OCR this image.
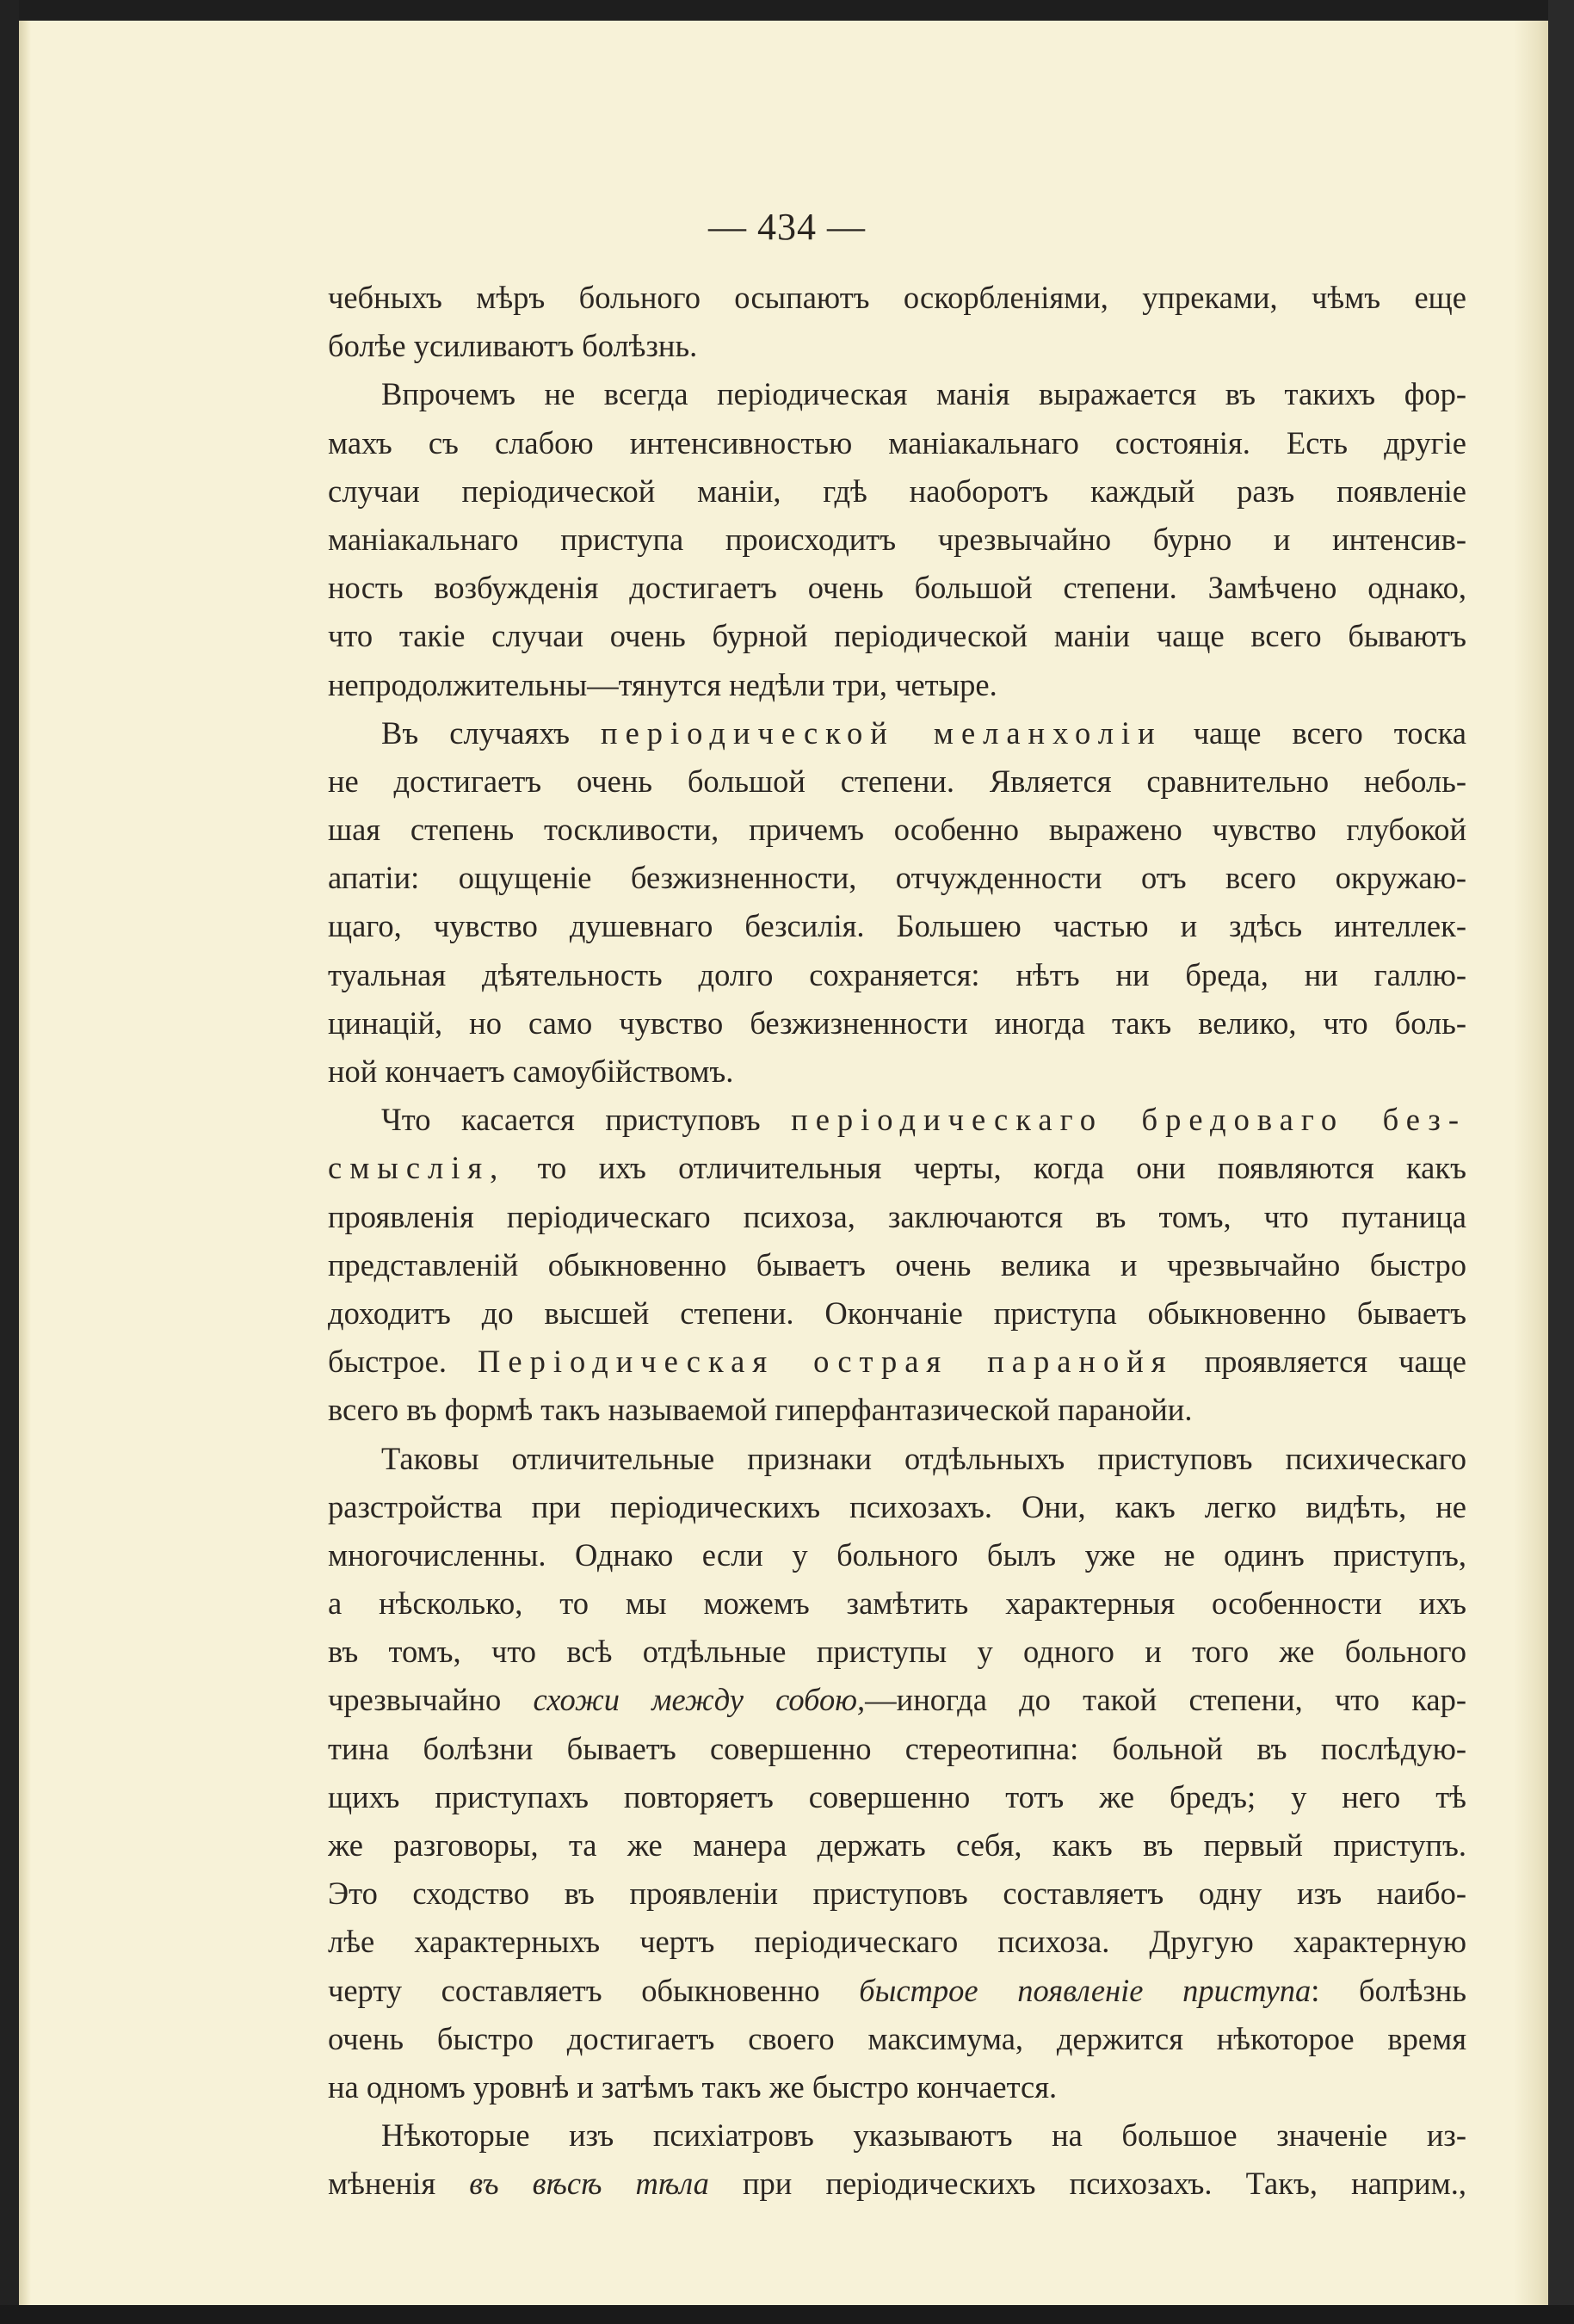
— 434 —
чебныхъ мѣръ больного осыпаютъ оскорбленіями, упреками, чѣмъ еще
болѣе усиливаютъ болѣзнь.
Впрочемъ не всегда періодическая манія выражается въ такихъ фор-
махъ съ слабою интенсивностью маніакальнаго состоянія. Есть другіе
случаи періодической маніи, гдѣ наоборотъ каждый разъ появленіе
маніакальнаго приступа происходитъ чрезвычайно бурно и интенсив-
ность возбужденія достигаетъ очень большой степени. Замѣчено однако,
что такіе случаи очень бурной періодической маніи чаще всего бываютъ
непродолжительны—тянутся недѣли три, четыре.
Въ случаяхъ періодической меланхоліи чаще всего тоска
не достигаетъ очень большой степени. Является сравнительно неболь-
шая степень тоскливости, причемъ особенно выражено чувство глубокой
апатіи: ощущеніе безжизненности, отчужденности отъ всего окружаю-
щаго, чувство душевнаго безсилія. Большею частью и здѣсь интеллек-
туальная дѣятельность долго сохраняется: нѣтъ ни бреда, ни галлю-
цинацій, но само чувство безжизненности иногда такъ велико, что боль-
ной кончаетъ самоубійствомъ.
Что касается приступовъ періодическаго бредоваго без-
смыслія, то ихъ отличительныя черты, когда они появляются какъ
проявленія періодическаго психоза, заключаются въ томъ, что путаница
представленій обыкновенно бываетъ очень велика и чрезвычайно быстро
доходитъ до высшей степени. Окончаніе приступа обыкновенно бываетъ
быстрое. Періодическая острая паранойя проявляется чаще
всего въ формѣ такъ называемой гиперфантазической паранойи.
Таковы отличительные признаки отдѣльныхъ приступовъ психическаго
разстройства при періодическихъ психозахъ. Они, какъ легко видѣть, не
многочисленны. Однако если у больного былъ уже не одинъ приступъ,
а нѣсколько, то мы можемъ замѣтить характерныя особенности ихъ
въ томъ, что всѣ отдѣльные приступы у одного и того же больного
чрезвычайно схожи между собою,—иногда до такой степени, что кар-
тина болѣзни бываетъ совершенно стереотипна: больной въ послѣдую-
щихъ приступахъ повторяетъ совершенно тотъ же бредъ; у него тѣ
же разговоры, та же манера держать себя, какъ въ первый приступъ.
Это сходство въ проявленіи приступовъ составляетъ одну изъ наибо-
лѣе характерныхъ чертъ періодическаго психоза. Другую характерную
черту составляетъ обыкновенно быстрое появленіе приступа: болѣзнь
очень быстро достигаетъ своего максимума, держится нѣкоторое время
на одномъ уровнѣ и затѣмъ такъ же быстро кончается.
Нѣкоторые изъ психіатровъ указываютъ на большое значеніе из-
мѣненія въ вѣсѣ тѣла при періодическихъ психозахъ. Такъ, наприм.,
